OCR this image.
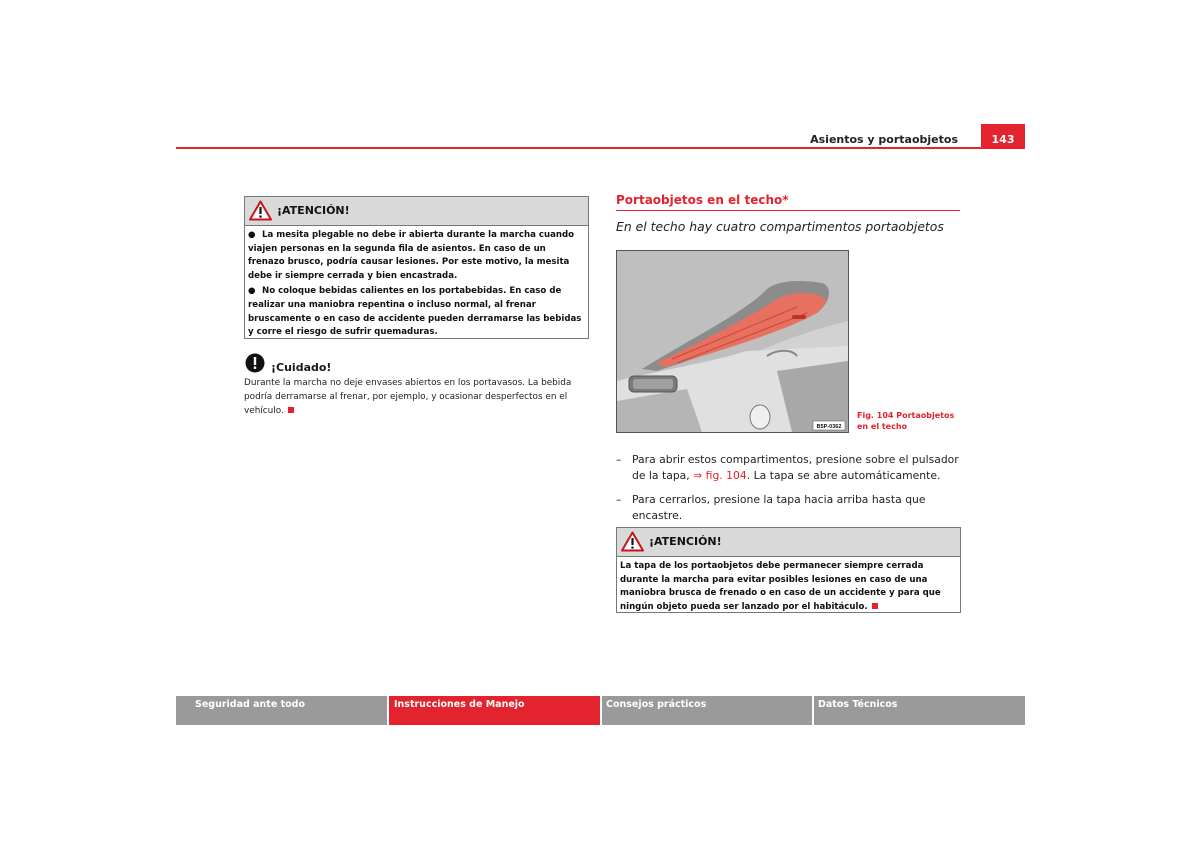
Asientos y portaobjetos	143
¡ATENCIÓN!

● La mesita plegable no debe ir abierta durante la marcha cuando viajen personas en la segunda fila de asientos. En caso de un frenazo brusco, podría causar lesiones. Por este motivo, la mesita debe ir siempre cerrada y bien encastrada.

● No coloque bebidas calientes en los portabebidas. En caso de realizar una maniobra repentina o incluso normal, al frenar bruscamente o en caso de accidente pueden derramarse las bebidas y corre el riesgo de sufrir quemaduras.

¡Cuidado!
Durante la marcha no deje envases abiertos en los portavasos. La bebida podría derramarse al frenar, por ejemplo, y ocasionar desperfectos en el vehículo.
Portaobjetos en el techo*
En el techo hay cuatro compartimentos portaobjetos
B5P-0362
Fig. 104 Portaobjetos en el techo
– Para abrir estos compartimentos, presione sobre el pulsador de la tapa, ⇒ fig. 104. La tapa se abre automáticamente.
– Para cerrarlos, presione la tapa hacia arriba hasta que encastre.
¡ATENCIÓN!

La tapa de los portaobjetos debe permanecer siempre cerrada durante la marcha para evitar posibles lesiones en caso de una maniobra brusca de frenado o en caso de un accidente y para que ningún objeto pueda ser lanzado por el habitáculo.

Seguridad ante todo	Instrucciones de Manejo	Consejos prácticos	Datos Técnicos
